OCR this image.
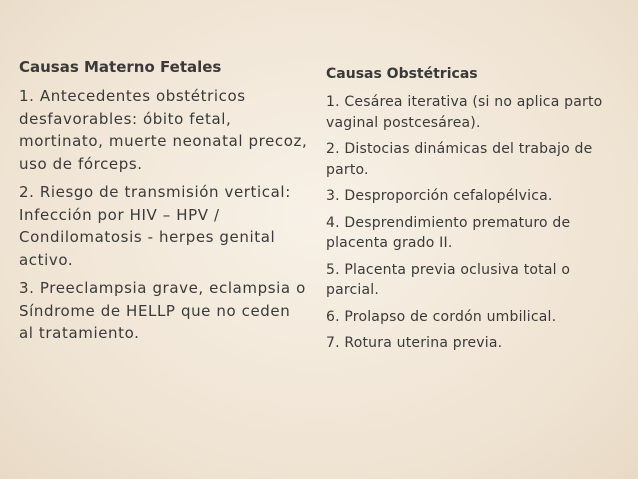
Causas Materno Fetales

1. Antecedentes obstétricos desfavorables: óbito fetal, mortinato, muerte neonatal precoz, uso de fórceps.

2. Riesgo de transmisión vertical: Infección por HIV – HPV / Condilomatosis - herpes genital activo.

3. Preeclampsia grave, eclampsia o Síndrome de HELLP que no ceden al tratamiento.

Causas Obstétricas

1. Cesárea iterativa (si no aplica parto vaginal postcesárea).

2. Distocias dinámicas del trabajo de parto.

3. Desproporción cefalopélvica.

4. Desprendimiento prematuro de placenta grado II.

5. Placenta previa oclusiva total o parcial.

6. Prolapso de cordón umbilical.

7. Rotura uterina previa.
